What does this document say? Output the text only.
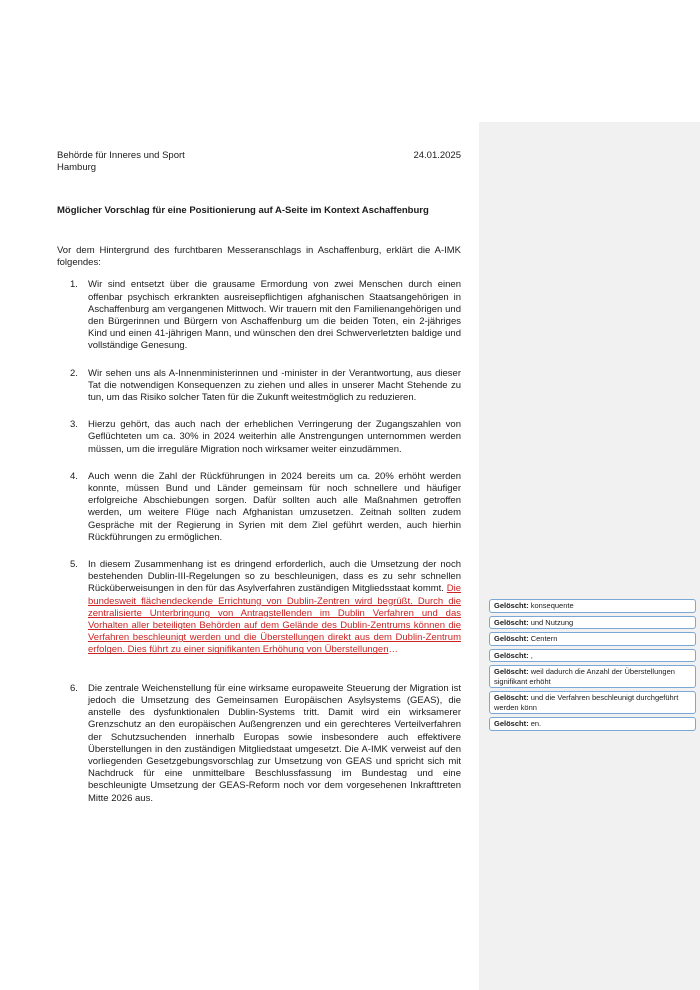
Behörde für Inneres und Sport
Hamburg
24.01.2025
Möglicher Vorschlag für eine Positionierung auf A-Seite im Kontext Aschaffenburg

Vor dem Hintergrund des furchtbaren Messeranschlags in Aschaffenburg, erklärt die A-IMK folgendes:

1. Wir sind entsetzt über die grausame Ermordung von zwei Menschen durch einen offenbar psychisch erkrankten ausreisepflichtigen afghanischen Staatsangehörigen in Aschaffenburg am vergangenen Mittwoch. Wir trauern mit den Familienangehörigen und den Bürgerinnen und Bürgern von Aschaffenburg um die beiden Toten, ein 2-jähriges Kind und einen 41-jährigen Mann, und wünschen den drei Schwerverletzten baldige und vollständige Genesung.
2. Wir sehen uns als A-Innenministerinnen und -minister in der Verantwortung, aus dieser Tat die notwendigen Konsequenzen zu ziehen und alles in unserer Macht Stehende zu tun, um das Risiko solcher Taten für die Zukunft weitestmöglich zu reduzieren.
3. Hierzu gehört, das auch nach der erheblichen Verringerung der Zugangszahlen von Geflüchteten um ca. 30% in 2024 weiterhin alle Anstrengungen unternommen werden müssen, um die irreguläre Migration noch wirksamer weiter einzudämmen.
4. Auch wenn die Zahl der Rückführungen in 2024 bereits um ca. 20% erhöht werden konnte, müssen Bund und Länder gemeinsam für noch schnellere und häufiger erfolgreiche Abschiebungen sorgen. Dafür sollten auch alle Maßnahmen getroffen werden, um weitere Flüge nach Afghanistan umzusetzen. Zeitnah sollten zudem Gespräche mit der Regierung in Syrien mit dem Ziel geführt werden, auch hierhin Rückführungen zu ermöglichen.
5. In diesem Zusammenhang ist es dringend erforderlich, auch die Umsetzung der noch bestehenden Dublin-III-Regelungen so zu beschleunigen, dass es zu sehr schnellen Rücküberweisungen in den für das Asylverfahren zuständigen Mitgliedsstaat kommt. Die bundesweit flächendeckende Errichtung von Dublin-Zentren wird begrüßt. Durch die zentralisierte Unterbringung von Antragstellenden im Dublin Verfahren und das Vorhalten aller beteiligten Behörden auf dem Gelände des Dublin-Zentrums können die Verfahren beschleunigt werden und die Überstellungen direkt aus dem Dublin-Zentrum erfolgen. Dies führt zu einer signifikanten Erhöhung von Überstellungen…
6. Die zentrale Weichenstellung für eine wirksame europaweite Steuerung der Migration ist jedoch die Umsetzung des Gemeinsamen Europäischen Asylsystems (GEAS), die anstelle des dysfunktionalen Dublin-Systems tritt. Damit wird ein wirksamerer Grenzschutz an den europäischen Außengrenzen und ein gerechteres Verteilverfahren der Schutzsuchenden innerhalb Europas sowie insbesondere auch effektivere Überstellungen in den zuständigen Mitgliedstaat umgesetzt. Die A-IMK verweist auf den vorliegenden Gesetzgebungsvorschlag zur Umsetzung von GEAS und spricht sich mit Nachdruck für eine unmittelbare Beschlussfassung im Bundestag und eine beschleunigte Umsetzung der GEAS-Reform noch vor dem vorgesehenen Inkrafttreten Mitte 2026 aus.
Gelöscht: konsequente
Gelöscht: und Nutzung
Gelöscht: Centern
Gelöscht: ,
Gelöscht: weil dadurch die Anzahl der Überstellungen signifikant erhöht
Gelöscht: und die Verfahren beschleunigt durchgeführt werden könn
Gelöscht: en.
